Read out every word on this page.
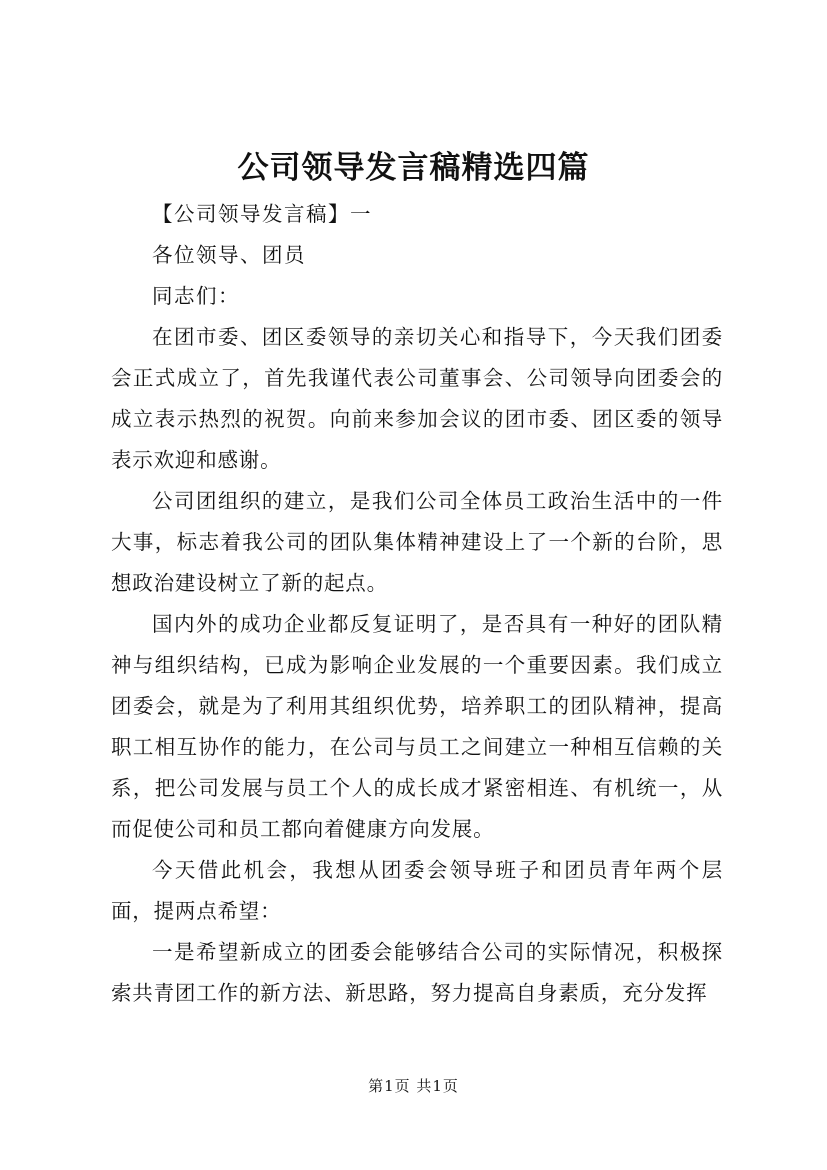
公司领导发言稿精选四篇

【公司领导发言稿】一

各位领导、团员

同志们：

在团市委、团区委领导的亲切关心和指导下，今天我们团委会正式成立了，首先我谨代表公司董事会、公司领导向团委会的成立表示热烈的祝贺。向前来参加会议的团市委、团区委的领导表示欢迎和感谢。

公司团组织的建立，是我们公司全体员工政治生活中的一件大事，标志着我公司的团队集体精神建设上了一个新的台阶，思想政治建设树立了新的起点。

国内外的成功企业都反复证明了，是否具有一种好的团队精神与组织结构，已成为影响企业发展的一个重要因素。我们成立团委会，就是为了利用其组织优势，培养职工的团队精神，提高职工相互协作的能力，在公司与员工之间建立一种相互信赖的关系，把公司发展与员工个人的成长成才紧密相连、有机统一，从而促使公司和员工都向着健康方向发展。

今天借此机会，我想从团委会领导班子和团员青年两个层面，提两点希望：

一是希望新成立的团委会能够结合公司的实际情况，积极探索共青团工作的新方法、新思路，努力提高自身素质，充分发挥

第1页 共1页
